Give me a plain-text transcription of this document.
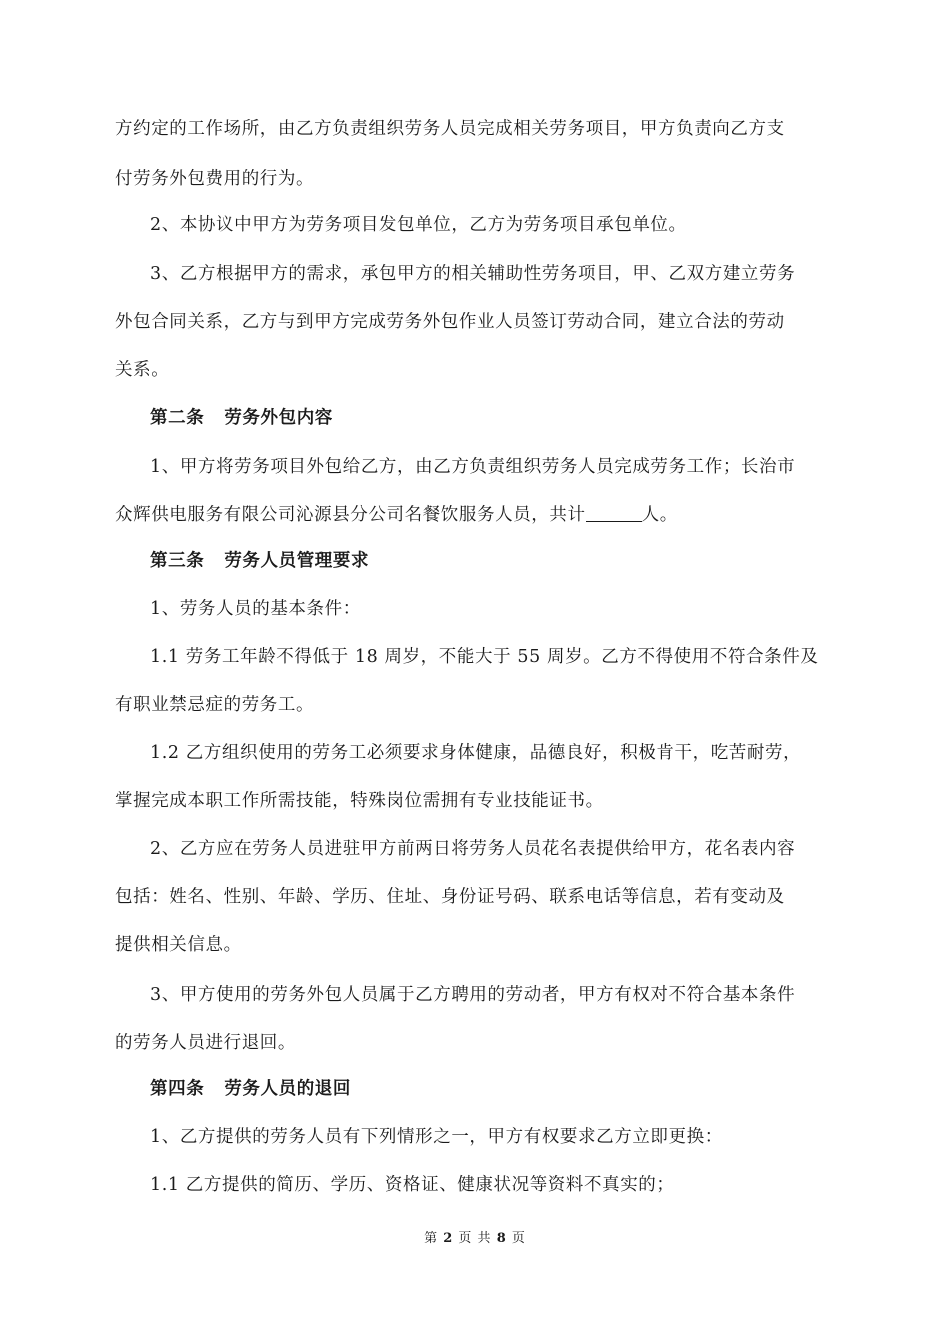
方约定的工作场所，由乙方负责组织劳务人员完成相关劳务项目，甲方负责向乙方支
付劳务外包费用的行为。
2、本协议中甲方为劳务项目发包单位，乙方为劳务项目承包单位。
3、乙方根据甲方的需求，承包甲方的相关辅助性劳务项目，甲、乙双方建立劳务
外包合同关系，乙方与到甲方完成劳务外包作业人员签订劳动合同，建立合法的劳动
关系。
第二条 劳务外包内容
1、甲方将劳务项目外包给乙方，由乙方负责组织劳务人员完成劳务工作；长治市
众辉供电服务有限公司沁源县分公司名餐饮服务人员，共计	人。
第三条 劳务人员管理要求
1、劳务人员的基本条件：
1.1 劳务工年龄不得低于 18 周岁，不能大于 55 周岁。乙方不得使用不符合条件及
有职业禁忌症的劳务工。
1.2 乙方组织使用的劳务工必须要求身体健康，品德良好，积极肯干，吃苦耐劳，
掌握完成本职工作所需技能，特殊岗位需拥有专业技能证书。
2、乙方应在劳务人员进驻甲方前两日将劳务人员花名表提供给甲方，花名表内容
包括：姓名、性别、年龄、学历、住址、身份证号码、联系电话等信息，若有变动及
提供相关信息。
3、甲方使用的劳务外包人员属于乙方聘用的劳动者，甲方有权对不符合基本条件
的劳务人员进行退回。
第四条 劳务人员的退回
1、乙方提供的劳务人员有下列情形之一，甲方有权要求乙方立即更换：
1.1 乙方提供的简历、学历、资格证、健康状况等资料不真实的；
第 2 页 共 8 页
